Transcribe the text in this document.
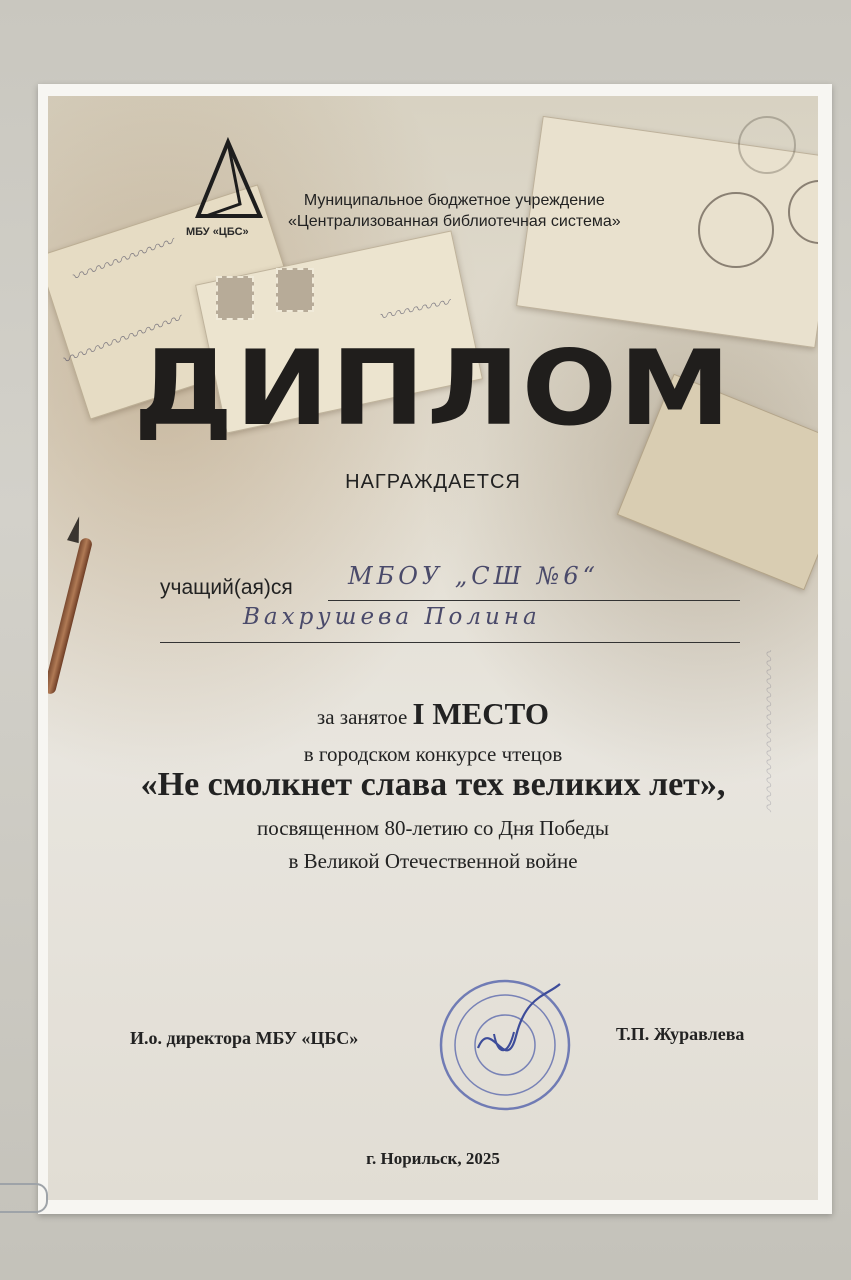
〰〰〰〰〰〰
〰〰〰〰〰〰〰	〰〰〰〰
〰〰〰〰〰〰〰〰〰
МБУ «ЦБС»
Муниципальное бюджетное учреждение
«Централизованная библиотечная система»
ДИПЛОМ
НАГРАЖДАЕТСЯ
учащий(ая)ся МБОУ „СШ №6“
Вахрушева Полина
за занятое I МЕСТО
в городском конкурсе чтецов
«Не смолкнет слава тех великих лет»,
посвященном 80-летию со Дня Победы
в Великой Отечественной войне
И.о. директора МБУ «ЦБС»	Т.П. Журавлева
г. Норильск, 2025
